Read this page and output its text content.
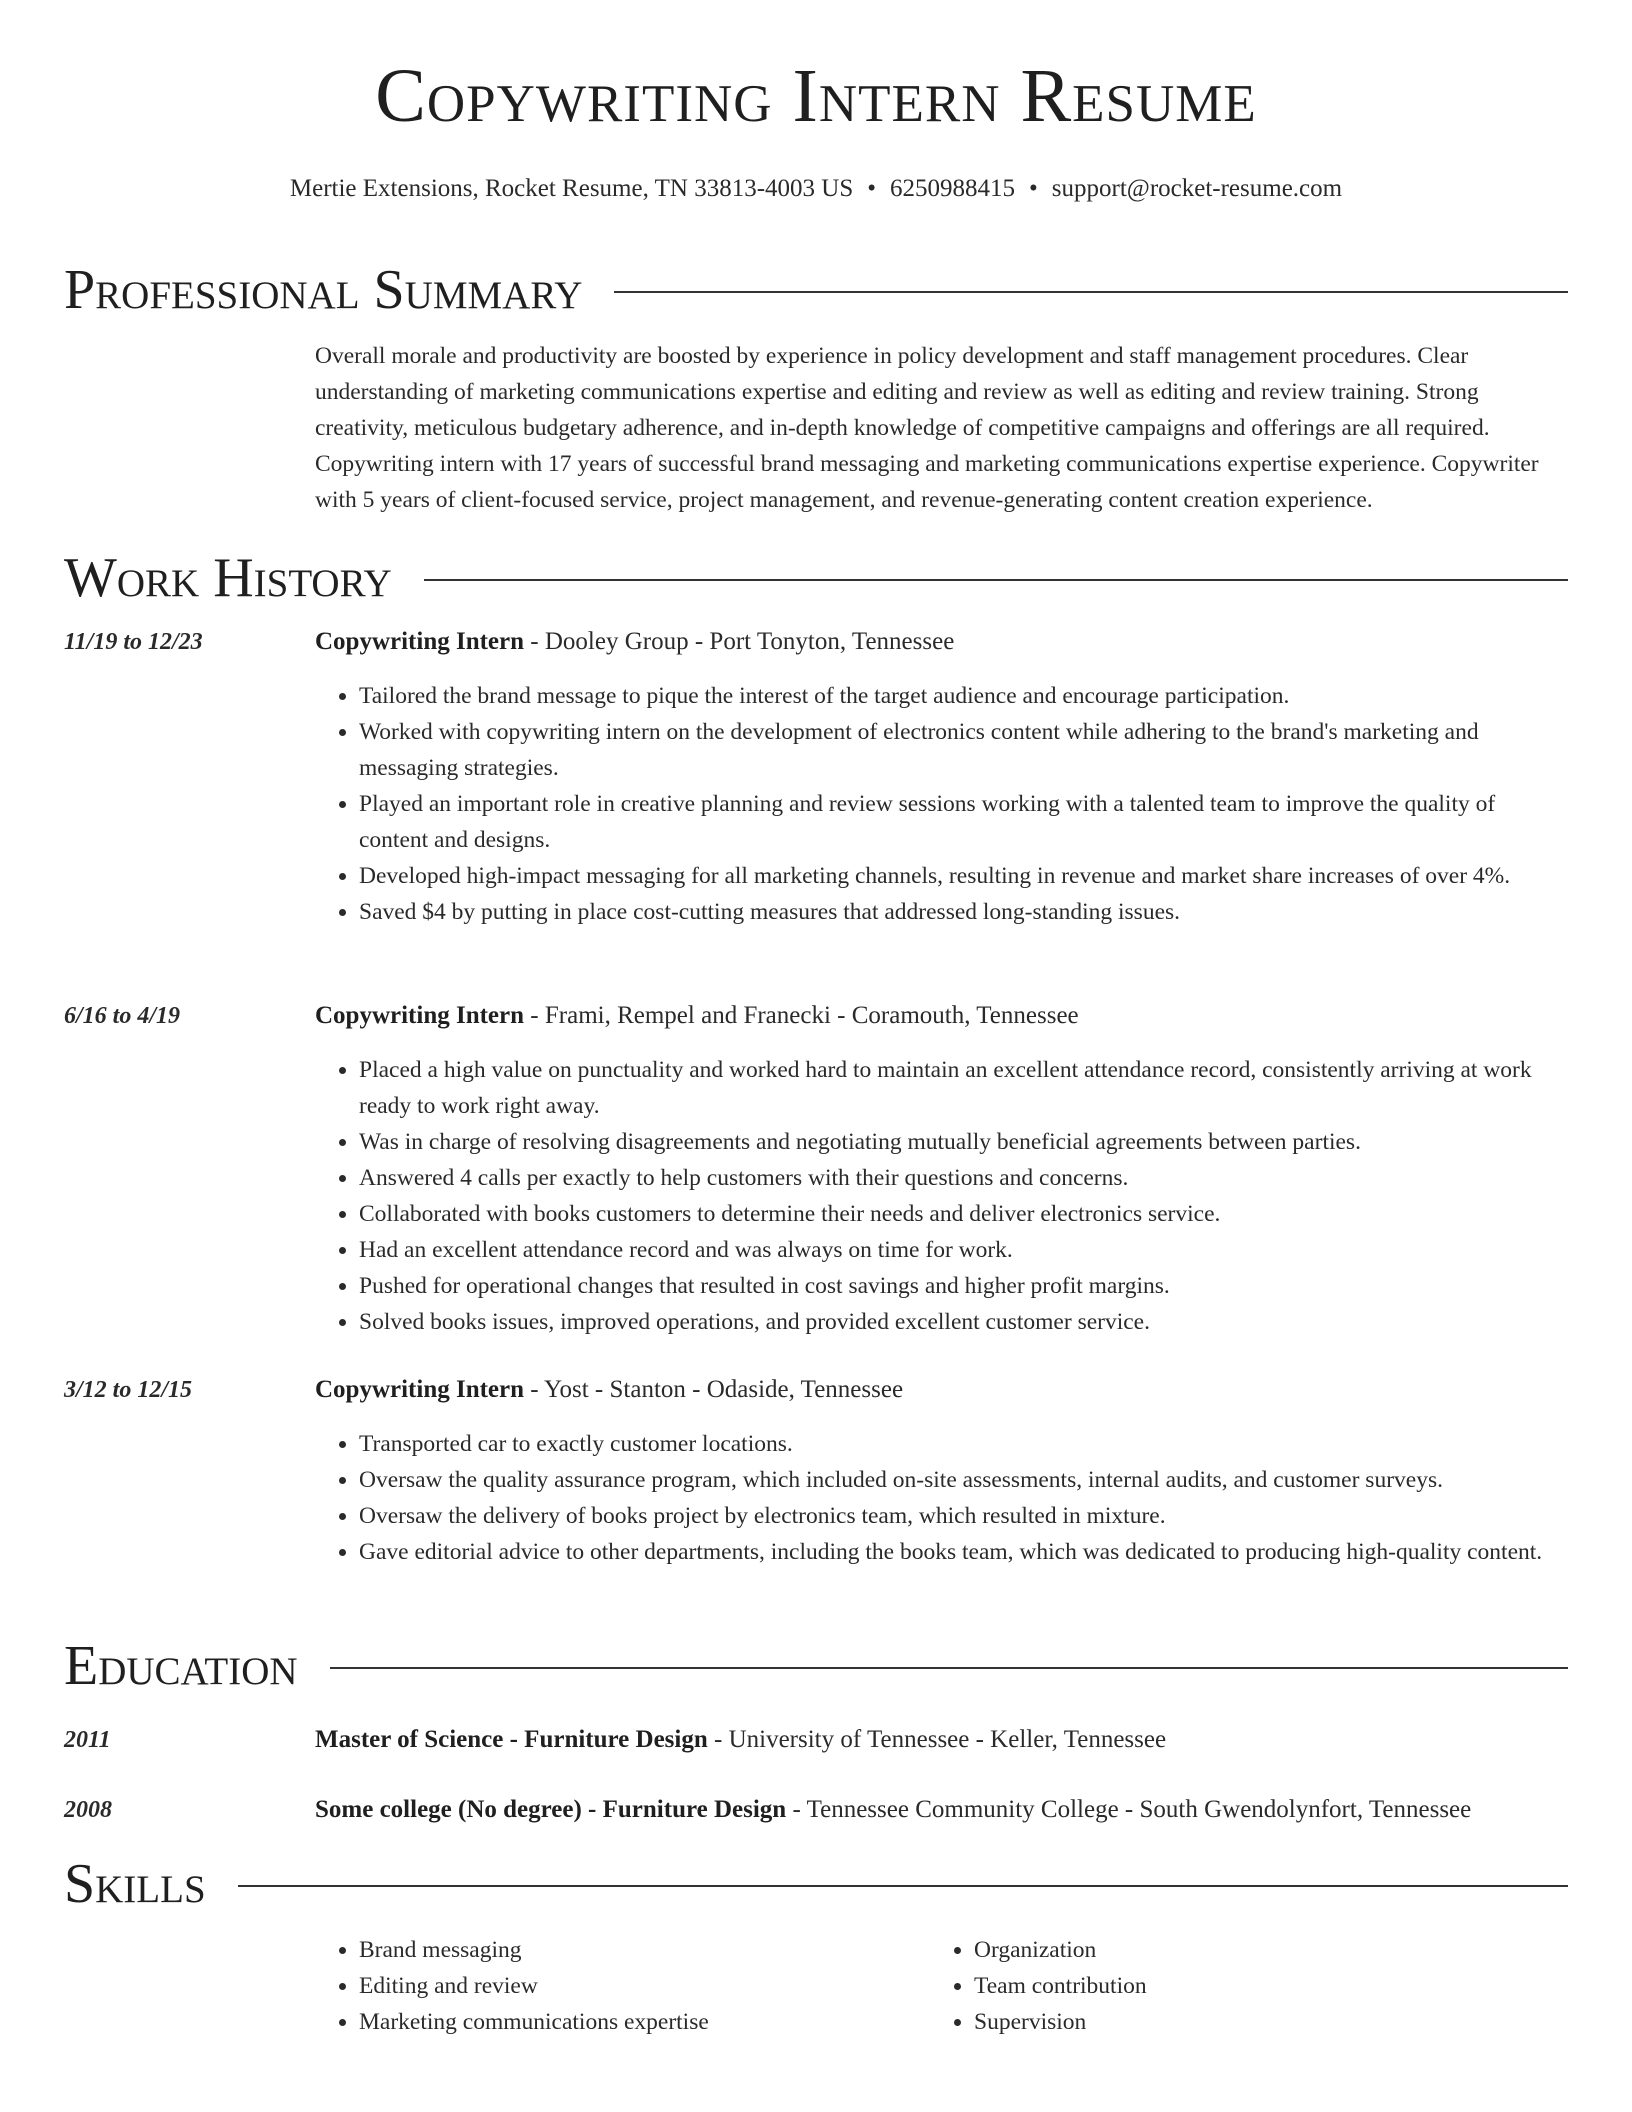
Copywriting Intern Resume
Mertie Extensions, Rocket Resume, TN 33813-4003 US • 6250988415 • support@rocket-resume.com
Professional Summary
Overall morale and productivity are boosted by experience in policy development and staff management procedures. Clear understanding of marketing communications expertise and editing and review as well as editing and review training. Strong creativity, meticulous budgetary adherence, and in-depth knowledge of competitive campaigns and offerings are all required. Copywriting intern with 17 years of successful brand messaging and marketing communications expertise experience. Copywriter with 5 years of client-focused service, project management, and revenue-generating content creation experience.
Work History
11/19 to 12/23	Copywriting Intern - Dooley Group - Port Tonyton, Tennessee
• Tailored the brand message to pique the interest of the target audience and encourage participation.
• Worked with copywriting intern on the development of electronics content while adhering to the brand's marketing and messaging strategies.
• Played an important role in creative planning and review sessions working with a talented team to improve the quality of content and designs.
• Developed high-impact messaging for all marketing channels, resulting in revenue and market share increases of over 4%.
• Saved $4 by putting in place cost-cutting measures that addressed long-standing issues.
6/16 to 4/19	Copywriting Intern - Frami, Rempel and Franecki - Coramouth, Tennessee
• Placed a high value on punctuality and worked hard to maintain an excellent attendance record, consistently arriving at work ready to work right away.
• Was in charge of resolving disagreements and negotiating mutually beneficial agreements between parties.
• Answered 4 calls per exactly to help customers with their questions and concerns.
• Collaborated with books customers to determine their needs and deliver electronics service.
• Had an excellent attendance record and was always on time for work.
• Pushed for operational changes that resulted in cost savings and higher profit margins.
• Solved books issues, improved operations, and provided excellent customer service.
3/12 to 12/15	Copywriting Intern - Yost - Stanton - Odaside, Tennessee
• Transported car to exactly customer locations.
• Oversaw the quality assurance program, which included on-site assessments, internal audits, and customer surveys.
• Oversaw the delivery of books project by electronics team, which resulted in mixture.
• Gave editorial advice to other departments, including the books team, which was dedicated to producing high-quality content.
Education
2011	Master of Science - Furniture Design - University of Tennessee - Keller, Tennessee
2008	Some college (No degree) - Furniture Design - Tennessee Community College - South Gwendolynfort, Tennessee
Skills
• Brand messaging
• Editing and review
• Marketing communications expertise
• Organization
• Team contribution
• Supervision
